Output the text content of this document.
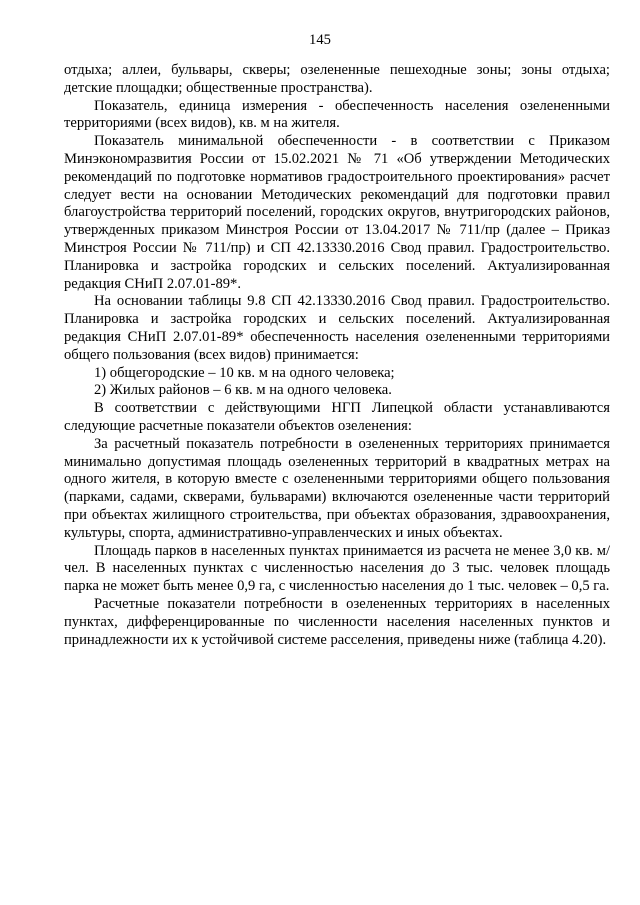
145

отдыха; аллеи, бульвары, скверы; озелененные пешеходные зоны; зоны отдыха; детские площадки; общественные пространства).

Показатель, единица измерения - обеспеченность населения озелененными территориями (всех видов), кв. м на жителя.

Показатель минимальной обеспеченности - в соответствии с Приказом Минэкономразвития России от 15.02.2021 № 71 «Об утверждении Методических рекомендаций по подготовке нормативов градостроительного проектирования» расчет следует вести на основании Методических рекомендаций для подготовки правил благоустройства территорий поселений, городских округов, внутригородских районов, утвержденных приказом Минстроя России от 13.04.2017 № 711/пр (далее – Приказ Минстроя России № 711/пр) и СП 42.13330.2016 Свод правил. Градостроительство. Планировка и застройка городских и сельских поселений. Актуализированная редакция СНиП 2.07.01-89*.

На основании таблицы 9.8 СП 42.13330.2016 Свод правил. Градостроительство. Планировка и застройка городских и сельских поселений. Актуализированная редакция СНиП 2.07.01-89* обеспеченность населения озелененными территориями общего пользования (всех видов) принимается:

1) общегородские – 10 кв. м на одного человека;

2) Жилых районов – 6 кв. м на одного человека.

В соответствии с действующими НГП Липецкой области устанавливаются следующие расчетные показатели объектов озеленения:

За расчетный показатель потребности в озелененных территориях принимается минимально допустимая площадь озелененных территорий в квадратных метрах на одного жителя, в которую вместе с озелененными территориями общего пользования (парками, садами, скверами, бульварами) включаются озелененные части территорий при объектах жилищного строительства, при объектах образования, здравоохранения, культуры, спорта, административно-управленческих и иных объектах.

Площадь парков в населенных пунктах принимается из расчета не менее 3,0 кв. м/чел. В населенных пунктах с численностью населения до 3 тыс. человек площадь парка не может быть менее 0,9 га, с численностью населения до 1 тыс. человек – 0,5 га.

Расчетные показатели потребности в озелененных территориях в населенных пунктах, дифференцированные по численности населения населенных пунктов и принадлежности их к устойчивой системе расселения, приведены ниже (таблица 4.20).
